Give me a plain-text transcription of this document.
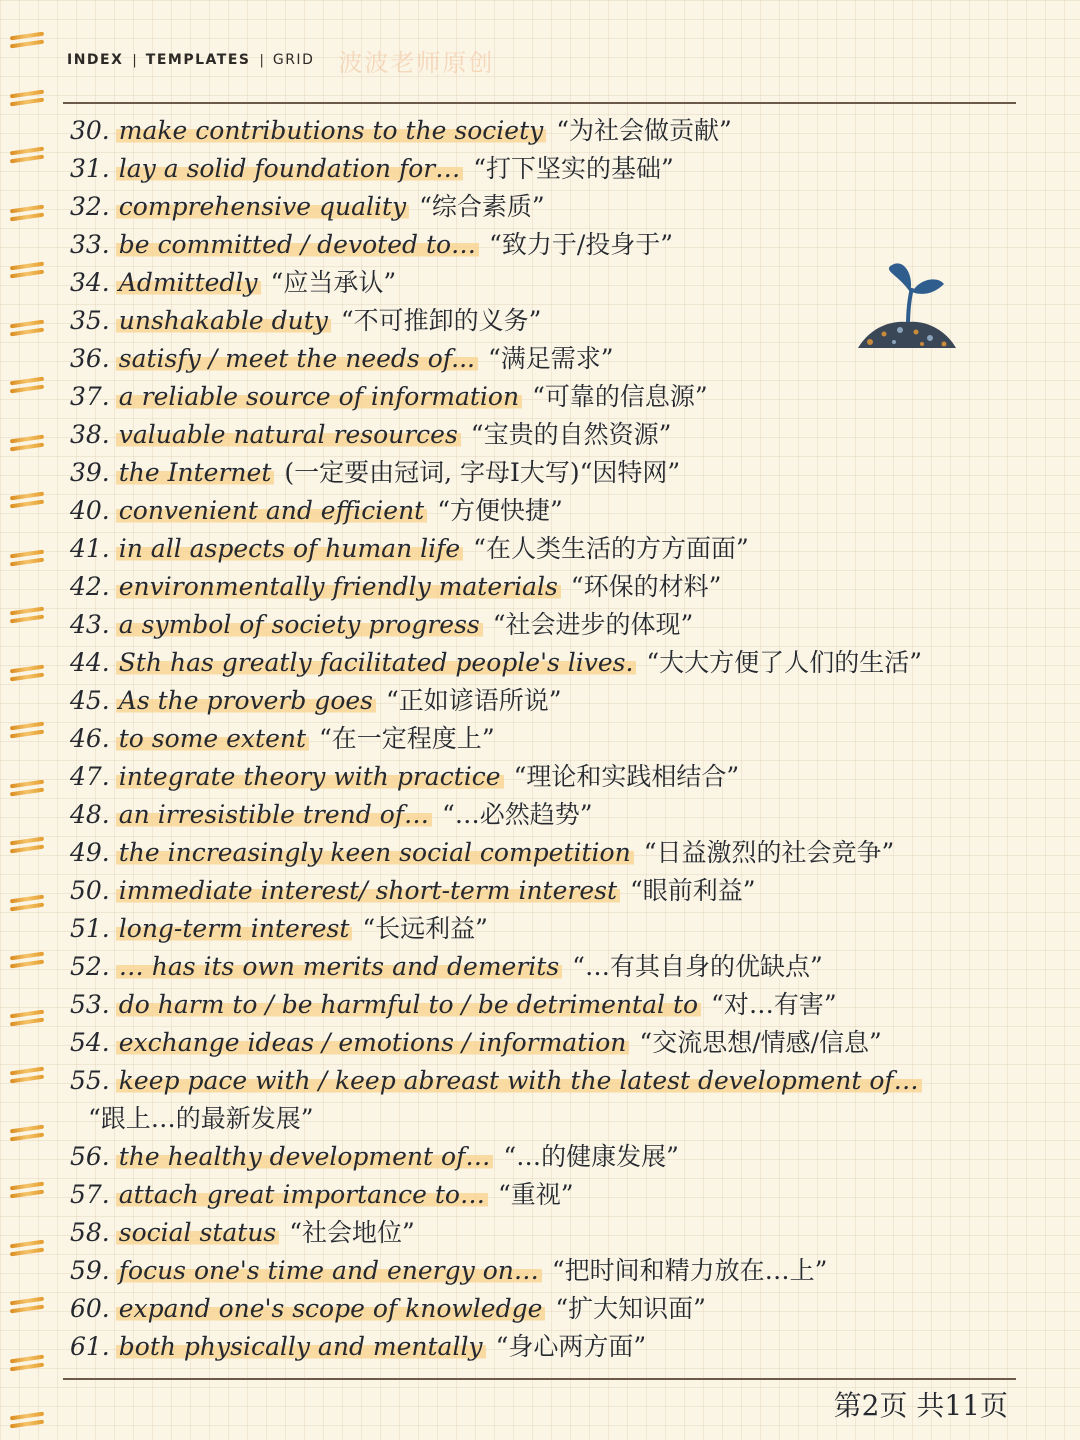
INDEX | TEMPLATES | GRID 波波老师原创
30. make contributions to the society “为社会做贡献”
31. lay a solid foundation for… “打下坚实的基础”
32. comprehensive quality “综合素质”
33. be committed / devoted to… “致力于/投身于”
34. Admittedly “应当承认”
35. unshakable duty “不可推卸的义务”
36. satisfy / meet the needs of... “满足需求”
37. a reliable source of information “可靠的信息源”
38. valuable natural resources “宝贵的自然资源”
39. the Internet (一定要由冠词, 字母I大写)“因特网”
40. convenient and efficient “方便快捷”
41. in all aspects of human life “在人类生活的方方面面”
42. environmentally friendly materials “环保的材料”
43. a symbol of society progress “社会进步的体现”
44. Sth has greatly facilitated people's lives. “大大方便了人们的生活”
45. As the proverb goes “正如谚语所说”
46. to some extent “在一定程度上”
47. integrate theory with practice “理论和实践相结合”
48. an irresistible trend of… “…必然趋势”
49. the increasingly keen social competition “日益激烈的社会竞争”
50. immediate interest/ short-term interest “眼前利益”
51. long-term interest “长远利益”
52. … has its own merits and demerits “…有其自身的优缺点”
53. do harm to / be harmful to / be detrimental to “对…有害”
54. exchange ideas / emotions / information “交流思想/情感/信息”
55. keep pace with / keep abreast with the latest development of…
“跟上…的最新发展”
56. the healthy development of… “…的健康发展”
57. attach great importance to… “重视”
58. social status “社会地位”
59. focus one's time and energy on… “把时间和精力放在…上”
60. expand one's scope of knowledge “扩大知识面”
61. both physically and mentally “身心两方面”
第2页 共11页
